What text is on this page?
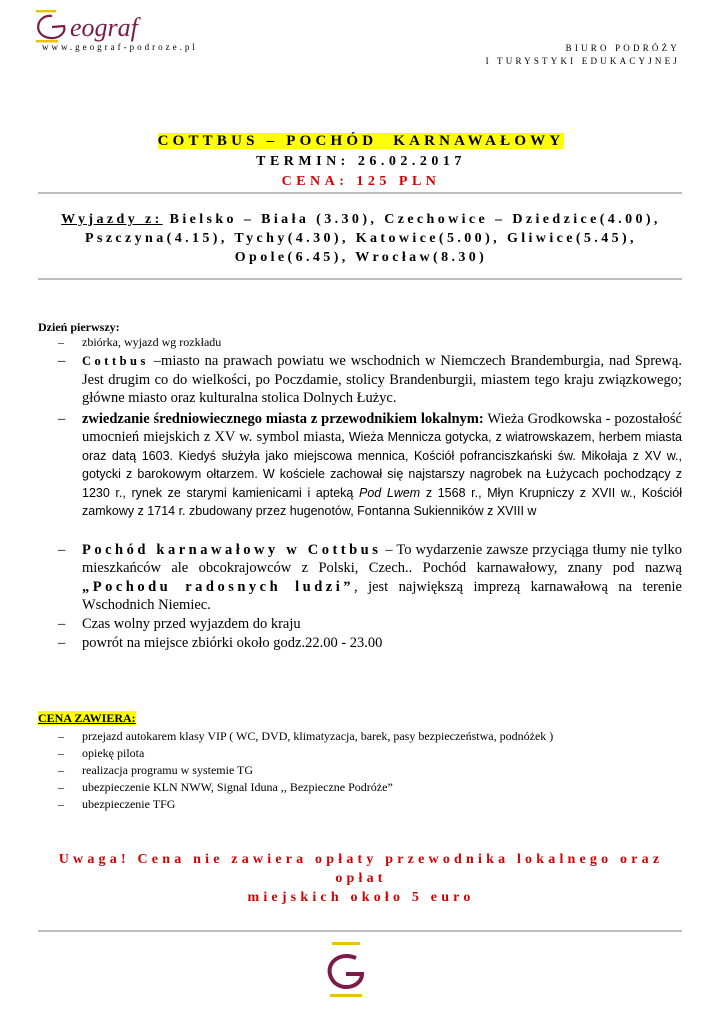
eograf
www.geograf-podroze.pl	BIURO PODRÓŻY
I TURYSTYKI EDUKACYJNEJ
COTTBUS – POCHÓD KARNAWAŁOWY
TERMIN: 26.02.2017
CENA: 125 PLN
Wyjazdy z: Bielsko – Biała (3.30), Czechowice – Dziedzice(4.00),
Pszczyna(4.15), Tychy(4.30), Katowice(5.00), Gliwice(5.45),
Opole(6.45), Wrocław(8.30)
Dzień pierwszy:
– zbiórka, wyjazd wg rozkładu
– Cottbus –miasto na prawach powiatu we wschodnich w Niemczech Brandemburgia, nad Sprewą. Jest drugim co do wielkości, po Poczdamie, stolicy Brandenburgii, miastem tego kraju związkowego; główne miasto oraz kulturalna stolica Dolnych Łużyc.
– zwiedzanie średniowiecznego miasta z przewodnikiem lokalnym: Wieża Grodkowska - pozostałość umocnień miejskich z XV w. symbol miasta, Wieża Mennicza gotycka, z wiatrowskazem, herbem miasta oraz datą 1603. Kiedyś służyła jako miejscowa mennica, Kościół pofranciszkański św. Mikołaja z XV w., gotycki z barokowym ołtarzem. W kościele zachował się najstarszy nagrobek na Łużycach pochodzący z 1230 r., rynek ze starymi kamienicami i apteką Pod Lwem z 1568 r., Młyn Krupniczy z XVII w., Kościół zamkowy z 1714 r. zbudowany przez hugenotów, Fontanna Sukienników z XVIII w
– Pochód karnawałowy w Cottbus – To wydarzenie zawsze przyciąga tłumy nie tylko mieszkańców ale obcokrajowców z Polski, Czech.. Pochód karnawałowy, znany pod nazwą „Pochodu radosnych ludzi”, jest największą imprezą karnawałową na terenie Wschodnich Niemiec.
– Czas wolny przed wyjazdem do kraju
– powrót na miejsce zbiórki około godz.22.00 - 23.00
CENA ZAWIERA:
– przejazd autokarem klasy VIP ( WC, DVD, klimatyzacja, barek, pasy bezpieczeństwa, podnóżek )
– opiekę pilota
– realizacja programu w systemie TG
– ubezpieczenie KLN NWW, Signal Iduna ,, Bezpieczne Podróże”
– ubezpieczenie TFG
Uwaga! Cena nie zawiera opłaty przewodnika lokalnego oraz opłat
miejskich około 5 euro
